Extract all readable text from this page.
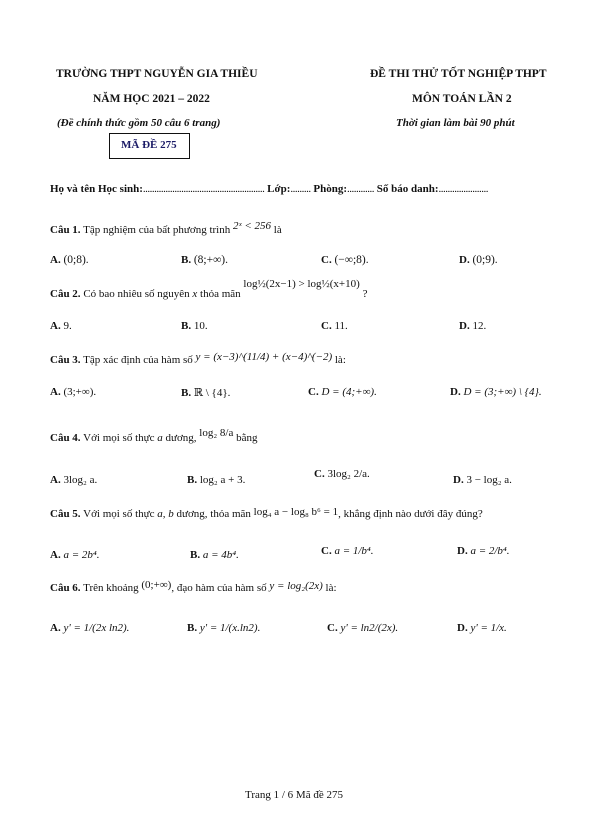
TRƯỜNG THPT NGUYỄN GIA THIỀU
NĂM HỌC 2021 – 2022
(Đề chính thức gồm 50 câu 6 trang)
MÃ ĐỀ 275
ĐỀ THI THỬ TỐT NGHIỆP THPT
MÔN TOÁN LẦN 2
Thời gian làm bài 90 phút
Họ và tên Học sinh:...................................................... Lớp:......... Phòng:............ Số báo danh:......................
Câu 1. Tập nghiệm của bất phương trình 2ˣ < 256 là
A. (0;8).	B. (8;+∞).	C. (−∞;8).	D. (0;9).
Câu 2. Có bao nhiêu số nguyên x thỏa mãn log½(2x−1) > log½(x+10) ?
A. 9.	B. 10.	C. 11.	D. 12.
Câu 3. Tập xác định của hàm số y = (x−3)^(11/4) + (x−4)^(−2) là:
A. (3;+∞).	B. ℝ \ {4}.	C. D = (4;+∞).	D. D = (3;+∞) \ {4}.
Câu 4. Với mọi số thực a dương, log₂ 8/a bằng
A. 3log₂ a.	B. log₂ a + 3.	C. 3log₂ 2/a.	D. 3 − log₂ a.
Câu 5. Với mọi số thực a, b dương, thỏa mãn log₄ a − log₈ b⁶ = 1, khẳng định nào dưới đây đúng?
A. a = 2b⁴.	B. a = 4b⁴.	C. a = 1/b⁴.	D. a = 2/b⁴.
Câu 6. Trên khoảng (0;+∞), đạo hàm của hàm số y = log₂(2x) là:
A. y' = 1/(2x ln2).	B. y' = 1/(x.ln2).	C. y' = ln2/(2x).	D. y' = 1/x.
Trang 1 / 6 Mã đề 275
